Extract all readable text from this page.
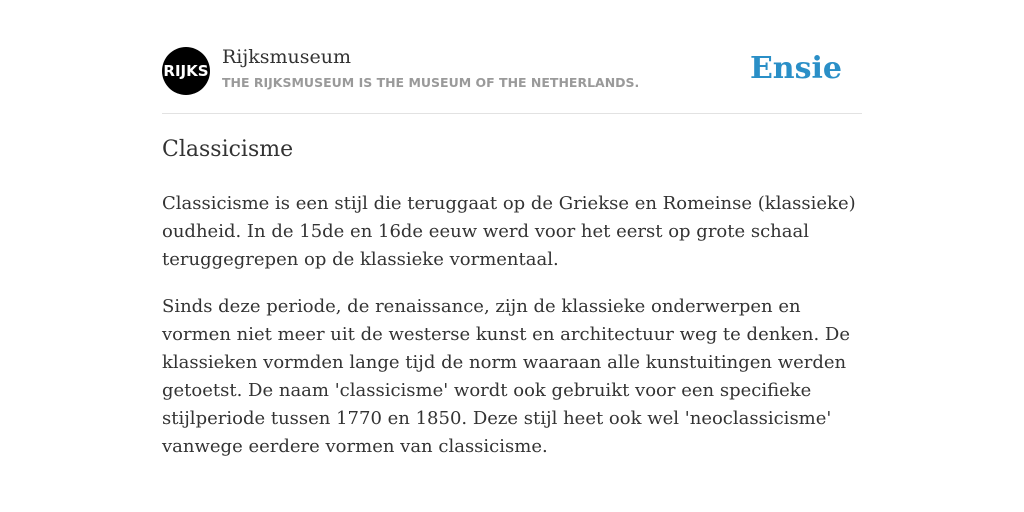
RIJKS
Rijksmuseum
THE RIJKSMUSEUM IS THE MUSEUM OF THE NETHERLANDS.	Ensie
Classicisme

Classicisme is een stijl die teruggaat op de Griekse en Romeinse (klassieke) oudheid. In de 15de en 16de eeuw werd voor het eerst op grote schaal teruggegrepen op de klassieke vormentaal.

Sinds deze periode, de renaissance, zijn de klassieke onderwerpen en vormen niet meer uit de westerse kunst en architectuur weg te denken. De klassieken vormden lange tijd de norm waaraan alle kunstuitingen werden getoetst. De naam 'classicisme' wordt ook gebruikt voor een specifieke stijlperiode tussen 1770 en 1850. Deze stijl heet ook wel 'neoclassicisme' vanwege eerdere vormen van classicisme.
